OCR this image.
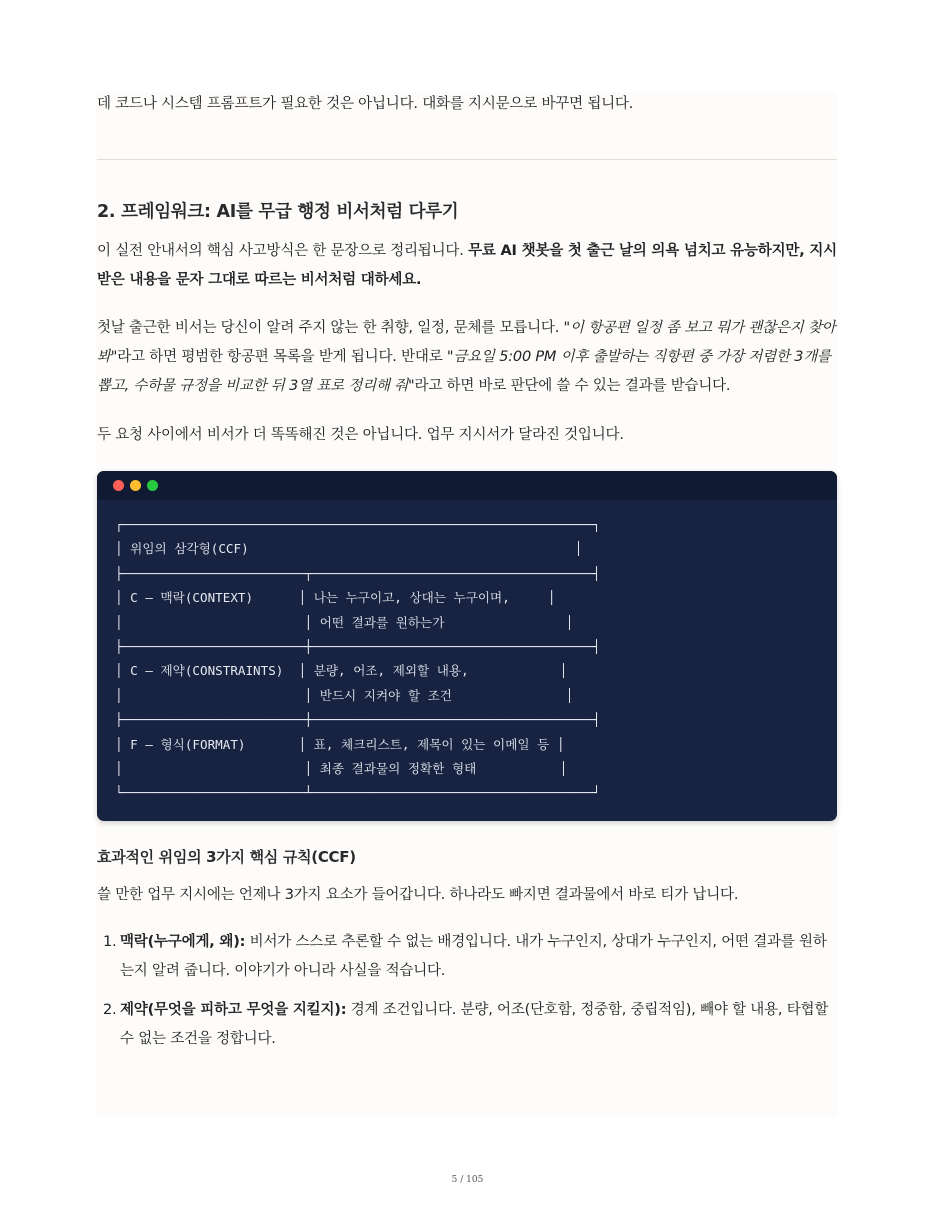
데 코드나 시스템 프롬프트가 필요한 것은 아닙니다. 대화를 지시문으로 바꾸면 됩니다.

2. 프레임워크: AI를 무급 행정 비서처럼 다루기

이 실전 안내서의 핵심 사고방식은 한 문장으로 정리됩니다. 무료 AI 챗봇을 첫 출근 날의 의욕 넘치고 유능하지만, 지시받은 내용을 문자 그대로 따르는 비서처럼 대하세요.

첫날 출근한 비서는 당신이 알려 주지 않는 한 취향, 일정, 문체를 모릅니다. "이 항공편 일정 좀 보고 뭐가 괜찮은지 찾아봐"라고 하면 평범한 항공편 목록을 받게 됩니다. 반대로 "금요일 5:00 PM 이후 출발하는 직항편 중 가장 저렴한 3개를 뽑고, 수하물 규정을 비교한 뒤 3열 표로 정리해 줘"라고 하면 바로 판단에 쓸 수 있는 결과를 받습니다.

두 요청 사이에서 비서가 더 똑똑해진 것은 아닙니다. 업무 지시서가 달라진 것입니다.

┌──────────────────────────────────────────────────────────────┐
│ 위임의 삼각형(CCF)                                           │
├────────────────────────┬─────────────────────────────────────┤
│ C — 맥락(CONTEXT)      │ 나는 누구이고, 상대는 누구이며,     │
│                        │ 어떤 결과를 원하는가                │
├────────────────────────┼─────────────────────────────────────┤
│ C — 제약(CONSTRAINTS)  │ 분량, 어조, 제외할 내용,            │
│                        │ 반드시 지켜야 할 조건               │
├────────────────────────┼─────────────────────────────────────┤
│ F — 형식(FORMAT)       │ 표, 체크리스트, 제목이 있는 이메일 등 │
│                        │ 최종 결과물의 정확한 형태           │
└────────────────────────┴─────────────────────────────────────┘
효과적인 위임의 3가지 핵심 규칙(CCF)

쓸 만한 업무 지시에는 언제나 3가지 요소가 들어갑니다. 하나라도 빠지면 결과물에서 바로 티가 납니다.

1. 맥락(누구에게, 왜): 비서가 스스로 추론할 수 없는 배경입니다. 내가 누구인지, 상대가 누구인지, 어떤 결과를 원하는지 알려 줍니다. 이야기가 아니라 사실을 적습니다.
2. 제약(무엇을 피하고 무엇을 지킬지): 경계 조건입니다. 분량, 어조(단호함, 정중함, 중립적임), 빼야 할 내용, 타협할 수 없는 조건을 정합니다.
5 / 105
